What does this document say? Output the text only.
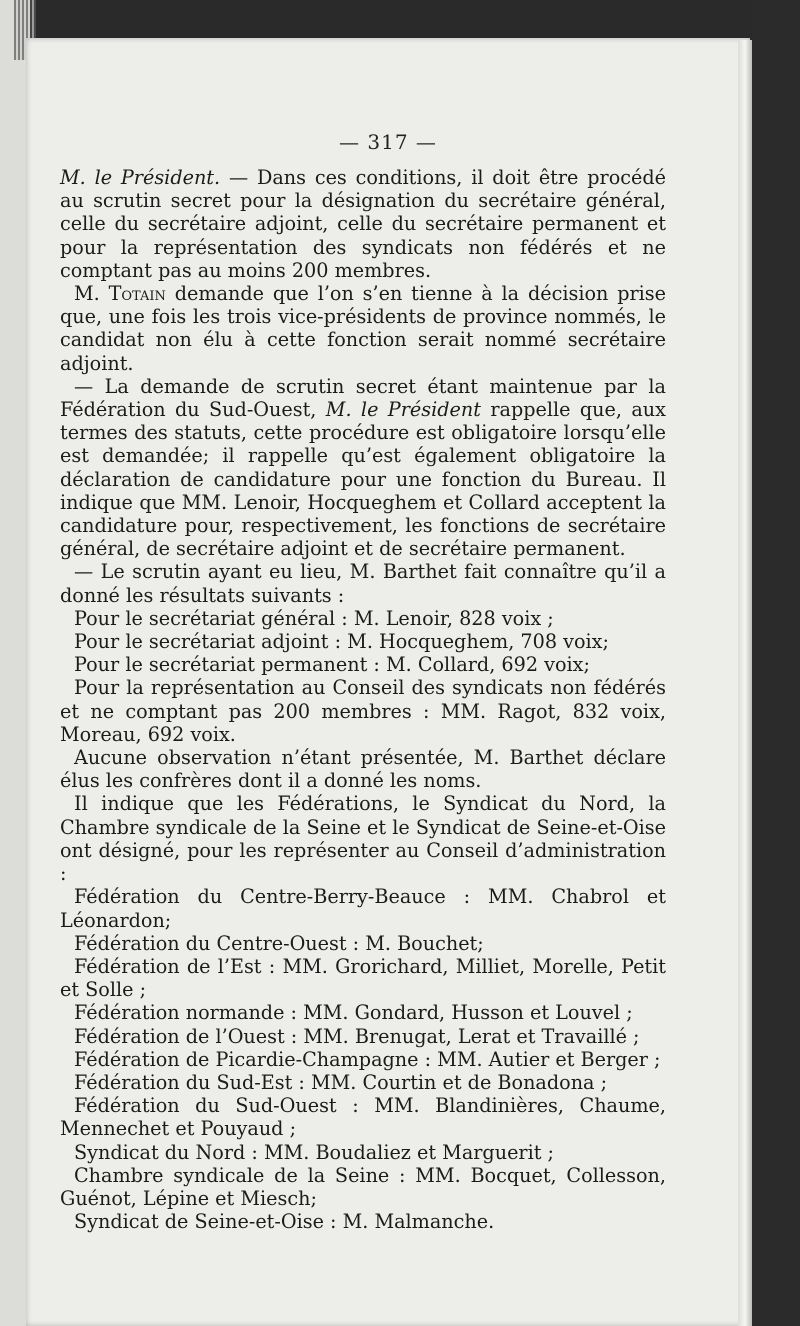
— 317 —

M. le Président. — Dans ces conditions, il doit être procédé au scrutin secret pour la désignation du secrétaire général, celle du secrétaire adjoint, celle du secrétaire permanent et pour la représentation des syndicats non fédérés et ne comptant pas au moins 200 membres.

M. Totain demande que l’on s’en tienne à la décision prise que, une fois les trois vice-présidents de province nommés, le candidat non élu à cette fonction serait nommé secrétaire adjoint.

— La demande de scrutin secret étant maintenue par la Fédération du Sud-Ouest, M. le Président rappelle que, aux termes des statuts, cette procédure est obligatoire lorsqu’elle est demandée; il rappelle qu’est également obligatoire la déclaration de candidature pour une fonction du Bureau. Il indique que MM. Lenoir, Hocqueghem et Collard acceptent la candidature pour, respectivement, les fonctions de secrétaire général, de secrétaire adjoint et de secrétaire permanent.

— Le scrutin ayant eu lieu, M. Barthet fait connaître qu’il a donné les résultats suivants :

Pour le secrétariat général : M. Lenoir, 828 voix ;

Pour le secrétariat adjoint : M. Hocqueghem, 708 voix;

Pour le secrétariat permanent : M. Collard, 692 voix;

Pour la représentation au Conseil des syndicats non fédérés et ne comptant pas 200 membres : MM. Ragot, 832 voix, Moreau, 692 voix.

Aucune observation n’étant présentée, M. Barthet déclare élus les confrères dont il a donné les noms.

Il indique que les Fédérations, le Syndicat du Nord, la Chambre syndicale de la Seine et le Syndicat de Seine-et-Oise ont désigné, pour les représenter au Conseil d’administration :

Fédération du Centre-Berry-Beauce : MM. Chabrol et Léonardon;

Fédération du Centre-Ouest : M. Bouchet;

Fédération de l’Est : MM. Grorichard, Milliet, Morelle, Petit et Solle ;

Fédération normande : MM. Gondard, Husson et Louvel ;

Fédération de l’Ouest : MM. Brenugat, Lerat et Travaillé ;

Fédération de Picardie-Champagne : MM. Autier et Berger ;

Fédération du Sud-Est : MM. Courtin et de Bonadona ;

Fédération du Sud-Ouest : MM. Blandinières, Chaume, Mennechet et Pouyaud ;

Syndicat du Nord : MM. Boudaliez et Marguerit ;

Chambre syndicale de la Seine : MM. Bocquet, Collesson, Guénot, Lépine et Miesch;

Syndicat de Seine-et-Oise : M. Malmanche.
